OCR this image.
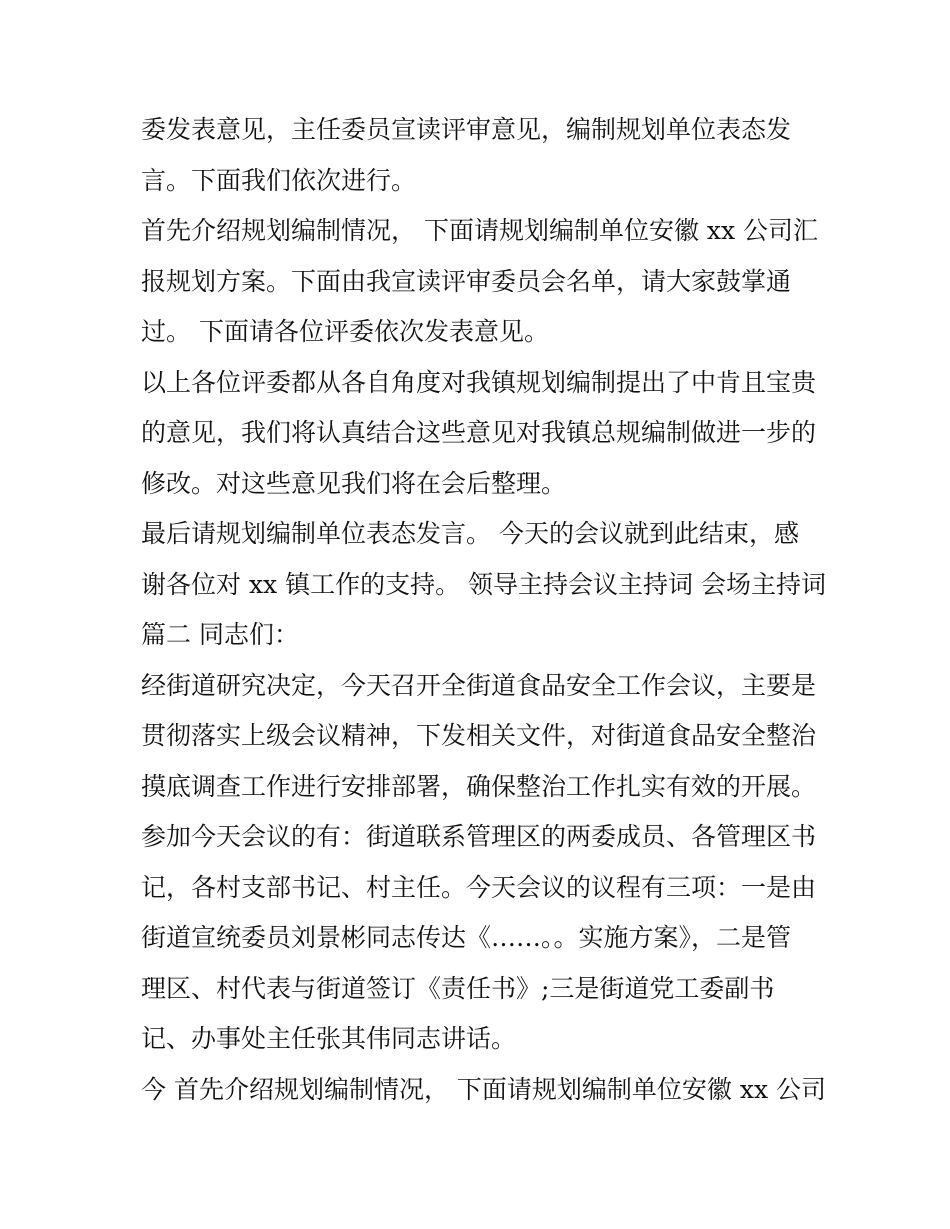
委发表意见，主任委员宣读评审意见，编制规划单位表态发

言。下面我们依次进行。

首先介绍规划编制情况， 下面请规划编制单位安徽 xx 公司汇

报规划方案。下面由我宣读评审委员会名单，请大家鼓掌通

过。 下面请各位评委依次发表意见。

以上各位评委都从各自角度对我镇规划编制提出了中肯且宝贵

的意见，我们将认真结合这些意见对我镇总规编制做进一步的

修改。对这些意见我们将在会后整理。

最后请规划编制单位表态发言。 今天的会议就到此结束，感

谢各位对 xx 镇工作的支持。 领导主持会议主持词 会场主持词

篇二 同志们：

经街道研究决定，今天召开全街道食品安全工作会议，主要是

贯彻落实上级会议精神，下发相关文件，对街道食品安全整治

摸底调查工作进行安排部署，确保整治工作扎实有效的开展。

参加今天会议的有：街道联系管理区的两委成员、各管理区书

记，各村支部书记、村主任。今天会议的议程有三项：一是由

街道宣统委员刘景彬同志传达《……。。实施方案》，二是管

理区、村代表与街道签订《责任书》;三是街道党工委副书

记、办事处主任张其伟同志讲话。

今 首先介绍规划编制情况， 下面请规划编制单位安徽 xx 公司
